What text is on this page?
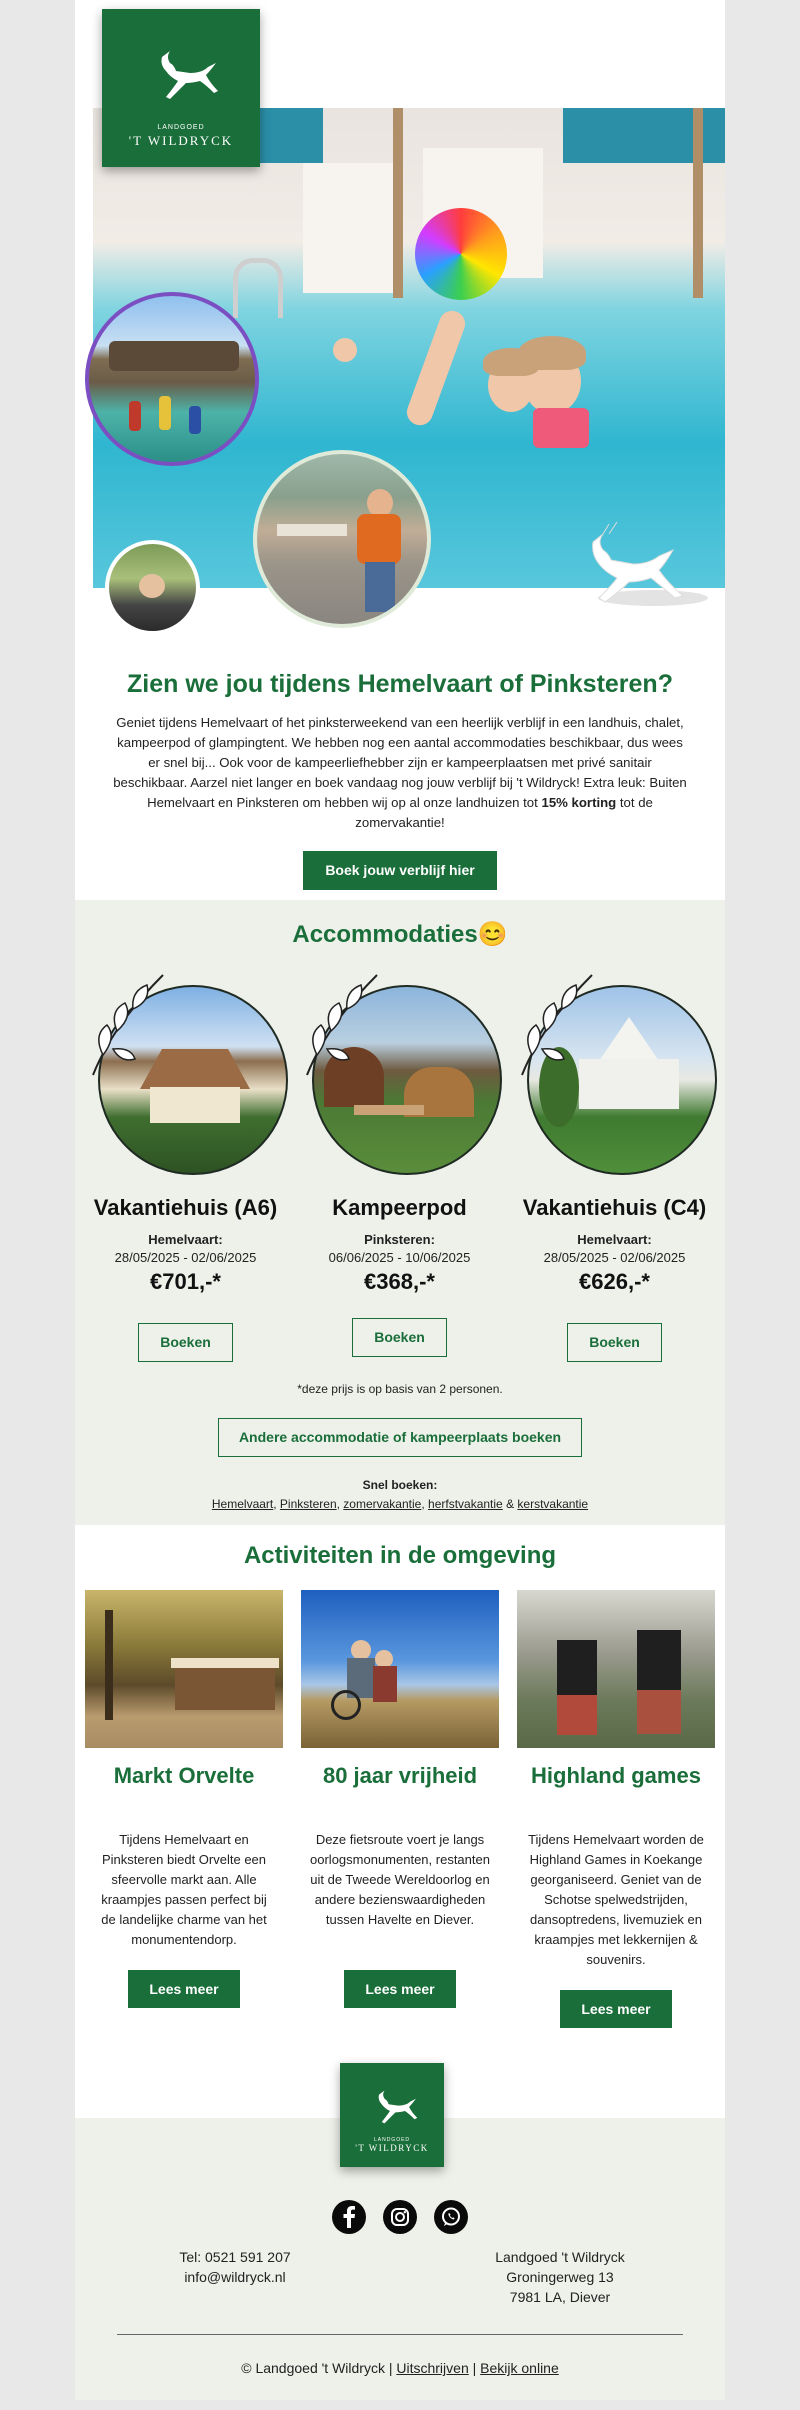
LANDGOED
'T WILDRYCK
Zien we jou tijdens Hemelvaart of Pinksteren?
Geniet tijdens Hemelvaart of het pinksterweekend van een heerlijk verblijf in een landhuis, chalet, kampeerpod of glampingtent. We hebben nog een aantal accommodaties beschikbaar, dus wees er snel bij... Ook voor de kampeerliefhebber zijn er kampeerplaatsen met privé sanitair beschikbaar. Aarzel niet langer en boek vandaag nog jouw verblijf bij 't Wildryck! Extra leuk: Buiten Hemelvaart en Pinksteren om hebben wij op al onze landhuizen tot 15% korting tot de zomervakantie!
Boek jouw verblijf hier
Accommodaties😊
Vakantiehuis (A6)
Hemelvaart:
28/05/2025 - 02/06/2025
€701,-*
Boeken
Kampeerpod
Pinksteren:
06/06/2025 - 10/06/2025
€368,-*
Boeken
Vakantiehuis (C4)
Hemelvaart:
28/05/2025 - 02/06/2025
€626,-*
Boeken
*deze prijs is op basis van 2 personen.
Andere accommodatie of kampeerplaats boeken
Snel boeken:
Hemelvaart, Pinksteren, zomervakantie, herfstvakantie & kerstvakantie
Activiteiten in de omgeving
Markt Orvelte
Tijdens Hemelvaart en Pinksteren biedt Orvelte een sfeervolle markt aan. Alle kraampjes passen perfect bij de landelijke charme van het monumentendorp.
Lees meer
80 jaar vrijheid
Deze fietsroute voert je langs oorlogsmonumenten, restanten uit de Tweede Wereldoorlog en andere bezienswaardigheden tussen Havelte en Diever.
Lees meer
Highland games
Tijdens Hemelvaart worden de Highland Games in Koekange georganiseerd. Geniet van de Schotse spelwedstrijden, dansoptredens, livemuziek en kraampjes met lekkernijen & souvenirs.
Lees meer
LANDGOED
'T WILDRYCK
Tel: 0521 591 207
info@wildryck.nl
Landgoed 't Wildryck
Groningerweg 13
7981 LA, Diever
© Landgoed 't Wildryck | Uitschrijven | Bekijk online
